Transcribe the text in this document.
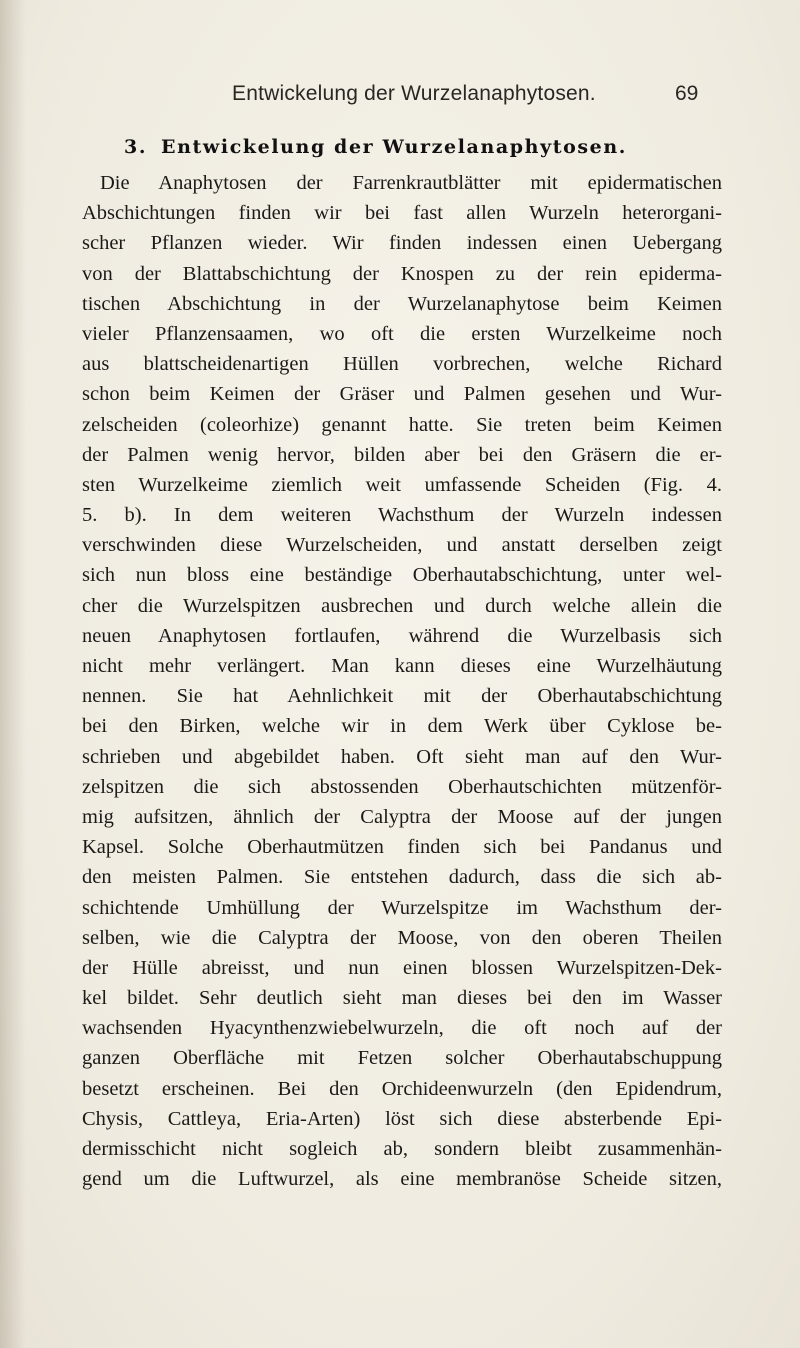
Entwickelung der Wurzelanaphytosen.	69
3. Entwickelung der Wurzelanaphytosen.
Die Anaphytosen der Farrenkrautblätter mit epidermatischen
Abschichtungen finden wir bei fast allen Wurzeln heterorgani-
scher Pflanzen wieder. Wir finden indessen einen Uebergang
von der Blattabschichtung der Knospen zu der rein epiderma-
tischen Abschichtung in der Wurzelanaphytose beim Keimen
vieler Pflanzensaamen, wo oft die ersten Wurzelkeime noch
aus blattscheidenartigen Hüllen vorbrechen, welche Richard
schon beim Keimen der Gräser und Palmen gesehen und Wur-
zelscheiden (coleorhize) genannt hatte. Sie treten beim Keimen
der Palmen wenig hervor, bilden aber bei den Gräsern die er-
sten Wurzelkeime ziemlich weit umfassende Scheiden (Fig. 4.
5. b). In dem weiteren Wachsthum der Wurzeln indessen
verschwinden diese Wurzelscheiden, und anstatt derselben zeigt
sich nun bloss eine beständige Oberhautabschichtung, unter wel-
cher die Wurzelspitzen ausbrechen und durch welche allein die
neuen Anaphytosen fortlaufen, während die Wurzelbasis sich
nicht mehr verlängert. Man kann dieses eine Wurzelhäutung
nennen. Sie hat Aehnlichkeit mit der Oberhautabschichtung
bei den Birken, welche wir in dem Werk über Cyklose be-
schrieben und abgebildet haben. Oft sieht man auf den Wur-
zelspitzen die sich abstossenden Oberhautschichten mützenför-
mig aufsitzen, ähnlich der Calyptra der Moose auf der jungen
Kapsel. Solche Oberhautmützen finden sich bei Pandanus und
den meisten Palmen. Sie entstehen dadurch, dass die sich ab-
schichtende Umhüllung der Wurzelspitze im Wachsthum der-
selben, wie die Calyptra der Moose, von den oberen Theilen
der Hülle abreisst, und nun einen blossen Wurzelspitzen-Dek-
kel bildet. Sehr deutlich sieht man dieses bei den im Wasser
wachsenden Hyacynthenzwiebelwurzeln, die oft noch auf der
ganzen Oberfläche mit Fetzen solcher Oberhautabschuppung
besetzt erscheinen. Bei den Orchideenwurzeln (den Epidendrum,
Chysis, Cattleya, Eria-Arten) löst sich diese absterbende Epi-
dermisschicht nicht sogleich ab, sondern bleibt zusammenhän-
gend um die Luftwurzel, als eine membranöse Scheide sitzen,
